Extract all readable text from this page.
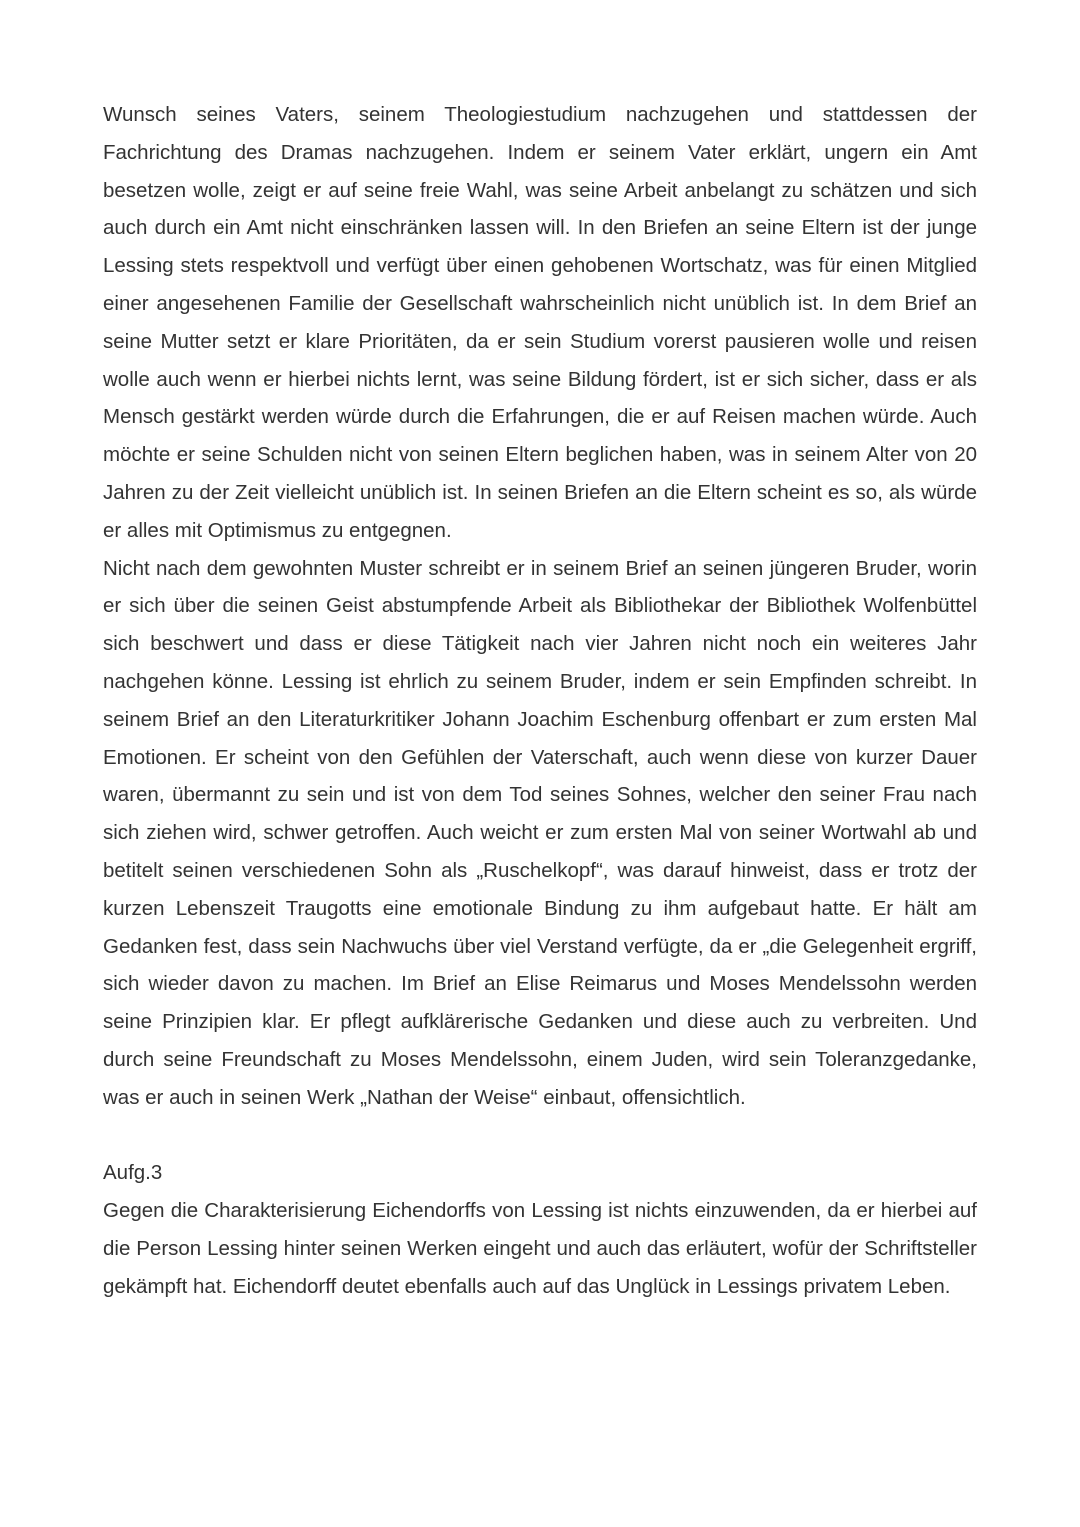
Wunsch seines Vaters, seinem Theologiestudium nachzugehen und stattdessen der Fachrichtung des Dramas nachzugehen. Indem er seinem Vater erklärt, ungern ein Amt besetzen wolle, zeigt er auf seine freie Wahl, was seine Arbeit anbelangt zu schätzen und sich auch durch ein Amt nicht einschränken lassen will. In den Briefen an seine Eltern ist der junge Lessing stets respektvoll und verfügt über einen gehobenen Wortschatz, was für einen Mitglied einer angesehenen Familie der Gesellschaft wahrscheinlich nicht unüblich ist. In dem Brief an seine Mutter setzt er klare Prioritäten, da er sein Studium vorerst pausieren wolle und reisen wolle auch wenn er hierbei nichts lernt, was seine Bildung fördert, ist er sich sicher, dass er als Mensch gestärkt werden würde durch die Erfahrungen, die er auf Reisen machen würde. Auch möchte er seine Schulden nicht von seinen Eltern beglichen haben, was in seinem Alter von 20 Jahren zu der Zeit vielleicht unüblich ist. In seinen Briefen an die Eltern scheint es so, als würde er alles mit Optimismus zu entgegnen.

Nicht nach dem gewohnten Muster schreibt er in seinem Brief an seinen jüngeren Bruder, worin er sich über die seinen Geist abstumpfende Arbeit als Bibliothekar der Bibliothek Wolfenbüttel sich beschwert und dass er diese Tätigkeit nach vier Jahren nicht noch ein weiteres Jahr nachgehen könne. Lessing ist ehrlich zu seinem Bruder, indem er sein Empfinden schreibt. In seinem Brief an den Literaturkritiker Johann Joachim Eschenburg offenbart er zum ersten Mal Emotionen. Er scheint von den Gefühlen der Vaterschaft, auch wenn diese von kurzer Dauer waren, übermannt zu sein und ist von dem Tod seines Sohnes, welcher den seiner Frau nach sich ziehen wird, schwer getroffen. Auch weicht er zum ersten Mal von seiner Wortwahl ab und betitelt seinen verschiedenen Sohn als „Ruschelkopf“, was darauf hinweist, dass er trotz der kurzen Lebenszeit Traugotts eine emotionale Bindung zu ihm aufgebaut hatte. Er hält am Gedanken fest, dass sein Nachwuchs über viel Verstand verfügte, da er „die Gelegenheit ergriff, sich wieder davon zu machen. Im Brief an Elise Reimarus und Moses Mendelssohn werden seine Prinzipien klar. Er pflegt aufklärerische Gedanken und diese auch zu verbreiten. Und durch seine Freundschaft zu Moses Mendelssohn, einem Juden, wird sein Toleranzgedanke, was er auch in seinen Werk „Nathan der Weise“ einbaut, offensichtlich.

Aufg.3

Gegen die Charakterisierung Eichendorffs von Lessing ist nichts einzuwenden, da er hierbei auf die Person Lessing hinter seinen Werken eingeht und auch das erläutert, wofür der Schriftsteller gekämpft hat. Eichendorff deutet ebenfalls auch auf das Unglück in Lessings privatem Leben.
